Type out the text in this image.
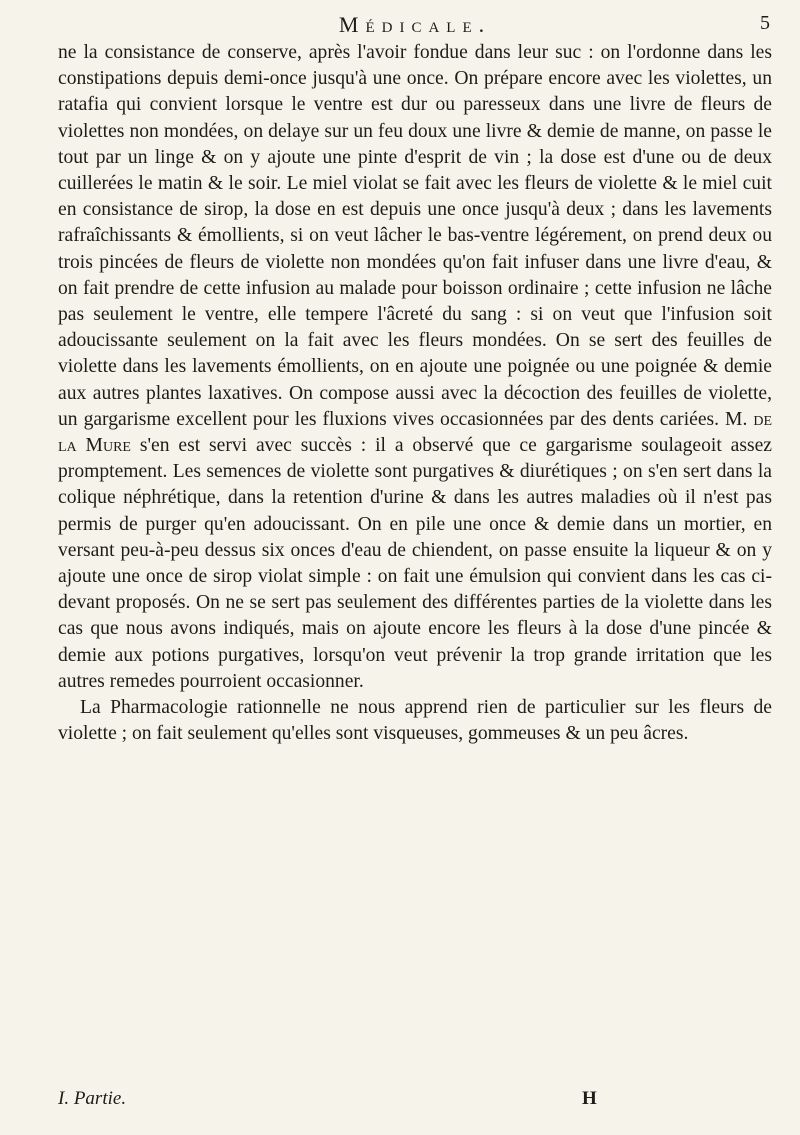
Médicale.	5

ne la consistance de conserve, après l'avoir fondue dans leur suc : on l'ordonne dans les constipations depuis demi-once jusqu'à une once. On prépare encore avec les violettes, un ratafia qui convient lorsque le ventre est dur ou paresseux dans une livre de fleurs de violettes non mondées, on delaye sur un feu doux une livre & demie de manne, on passe le tout par un linge & on y ajoute une pinte d'esprit de vin ; la dose est d'une ou de deux cuillerées le matin & le soir. Le miel violat se fait avec les fleurs de violette & le miel cuit en consistance de sirop, la dose en est depuis une once jusqu'à deux ; dans les lavements rafraîchissants & émollients, si on veut lâcher le bas-ventre légérement, on prend deux ou trois pincées de fleurs de violette non mondées qu'on fait infuser dans une livre d'eau, & on fait prendre de cette infusion au malade pour boisson ordinaire ; cette infusion ne lâche pas seulement le ventre, elle tempere l'âcreté du sang : si on veut que l'infusion soit adoucissante seulement on la fait avec les fleurs mondées. On se sert des feuilles de violette dans les lavements émollients, on en ajoute une poignée ou une poignée & demie aux autres plantes laxatives. On compose aussi avec la décoction des feuilles de violette, un gargarisme excellent pour les fluxions vives occasionnées par des dents cariées. M. de la Mure s'en est servi avec succès : il a observé que ce gargarisme soulageoit assez promptement. Les semences de violette sont purgatives & diurétiques ; on s'en sert dans la colique néphrétique, dans la retention d'urine & dans les autres maladies où il n'est pas permis de purger qu'en adoucissant. On en pile une once & demie dans un mortier, en versant peu-à-peu dessus six onces d'eau de chiendent, on passe ensuite la liqueur & on y ajoute une once de sirop violat simple : on fait une émulsion qui convient dans les cas ci-devant proposés. On ne se sert pas seulement des différentes parties de la violette dans les cas que nous avons indiqués, mais on ajoute encore les fleurs à la dose d'une pincée & demie aux potions purgatives, lorsqu'on veut prévenir la trop grande irritation que les autres remedes pourroient occasionner.

La Pharmacologie rationnelle ne nous apprend rien de particulier sur les fleurs de violette ; on fait seulement qu'elles sont visqueuses, gommeuses & un peu âcres.

I. Partie.	H
